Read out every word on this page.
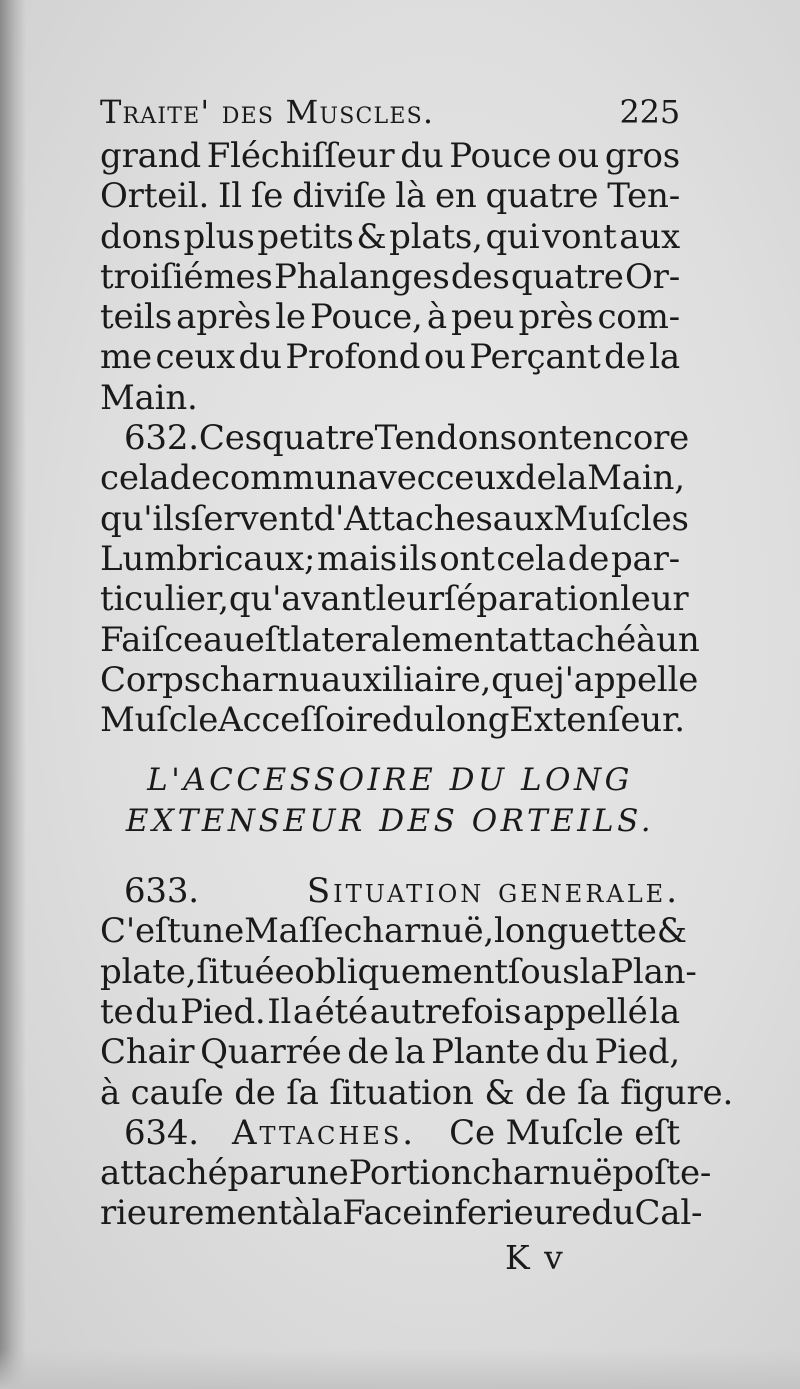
Traite' des Muscles.	225
grand Fléchiſſeur du Pouce ou gros
Orteil. Il ſe diviſe là en quatre Ten-
dons plus petits & plats, qui vont aux
troiſiémes Phalanges des quatre Or-
teils après le Pouce, à peu près com-
me ceux du Profond ou Perçant de la
Main.
632. Ces quatre Tendons ont encore
cela de commun avec ceux de la Main,
qu'ils ſervent d'Attaches aux Muſcles
Lumbricaux; mais ils ont cela de par-
ticulier, qu'avant leur ſéparation leur
Faiſceau eſt lateralement attaché à un
Corps charnu auxiliaire, que j'appelle
Muſcle Acceſſoire du long Extenſeur.
L'ACCESSOIRE DU LONG
EXTENSEUR DES ORTEILS.
633.	Situation generale.
C'eſt une Maſſe charnuë, longuette &
plate, ſituée obliquement ſous la Plan-
te du Pied. Il a été autrefois appellé la
Chair Quarrée de la Plante du Pied,
à cauſe de ſa ſituation & de ſa figure.
634. Attaches. Ce Muſcle eſt
attaché par une Portion charnuë poſte-
rieurement à la Face inferieure du Cal-
K v
